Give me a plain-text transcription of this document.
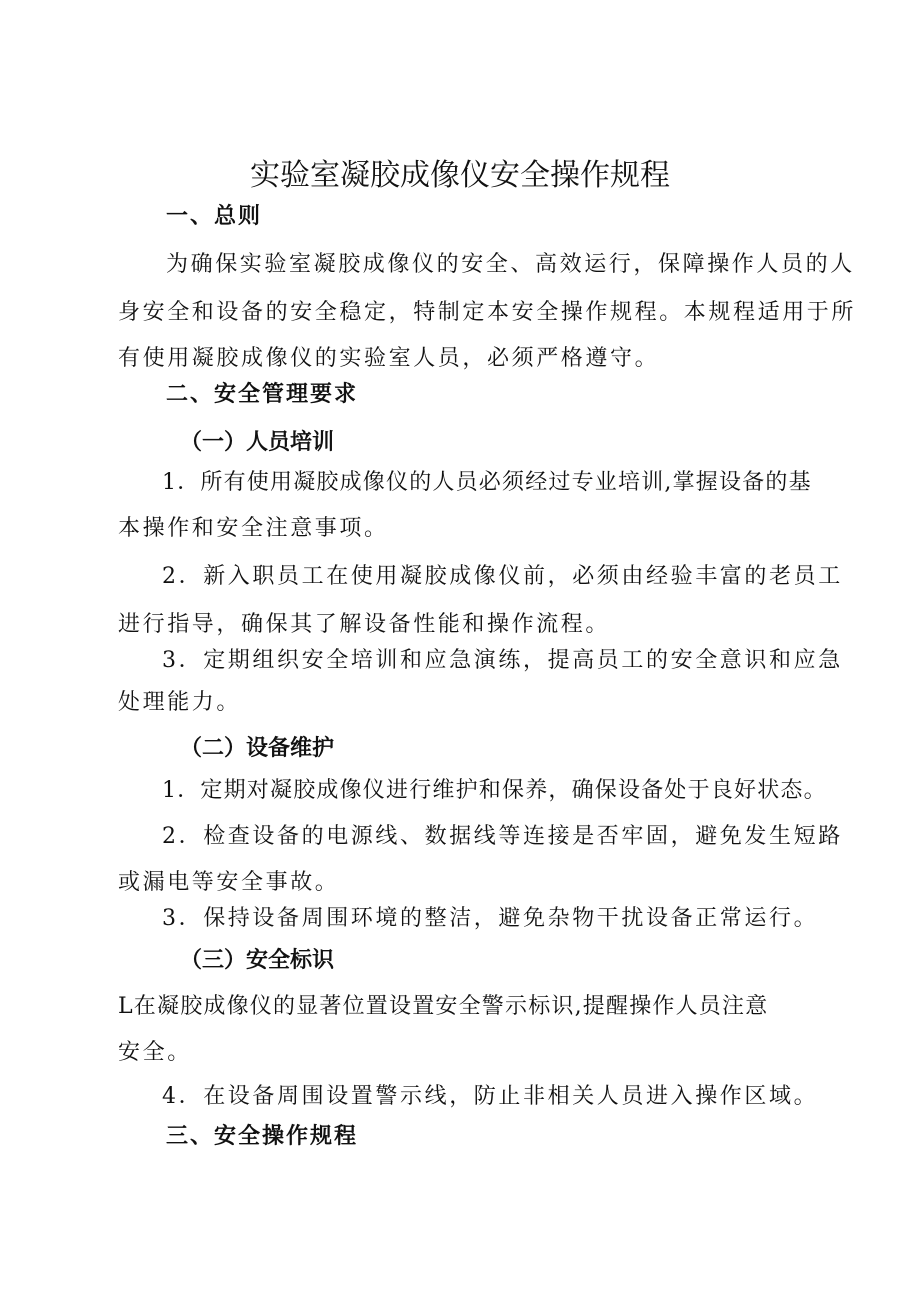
实验室凝胶成像仪安全操作规程
一、总则
为确保实验室凝胶成像仪的安全、高效运行，保障操作人员的人
身安全和设备的安全稳定，特制定本安全操作规程。本规程适用于所
有使用凝胶成像仪的实验室人员，必须严格遵守。
二、安全管理要求
（一）人员培训
1．所有使用凝胶成像仪的人员必须经过专业培训,掌握设备的基
本操作和安全注意事项。
2．新入职员工在使用凝胶成像仪前，必须由经验丰富的老员工
进行指导，确保其了解设备性能和操作流程。
3．定期组织安全培训和应急演练，提高员工的安全意识和应急
处理能力。
（二）设备维护
1．定期对凝胶成像仪进行维护和保养，确保设备处于良好状态。
2．检查设备的电源线、数据线等连接是否牢固，避免发生短路
或漏电等安全事故。
3．保持设备周围环境的整洁，避免杂物干扰设备正常运行。
（三）安全标识
L在凝胶成像仪的显著位置设置安全警示标识,提醒操作人员注意
安全。
4．在设备周围设置警示线，防止非相关人员进入操作区域。
三、安全操作规程
